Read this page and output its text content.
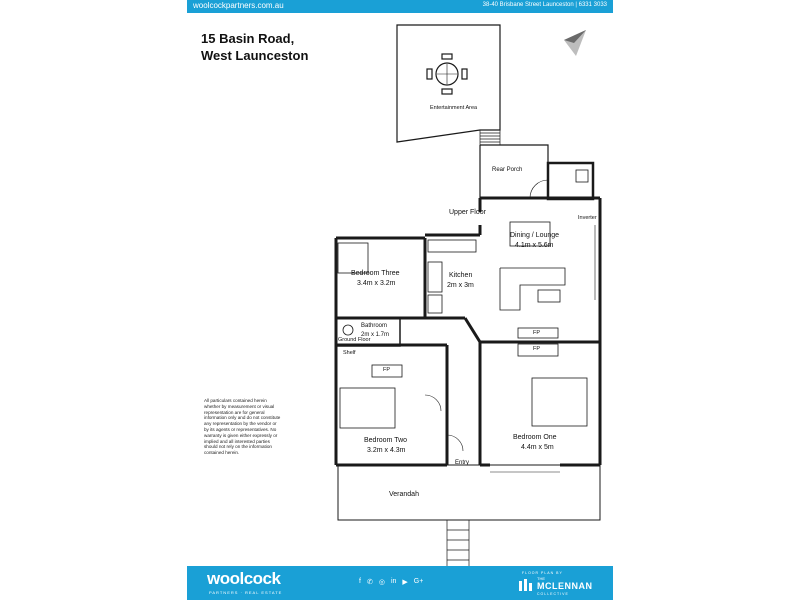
woolcockpartners.com.au	38-40 Brisbane Street Launceston | 6331 3033
15 Basin Road,
West Launceston
Entertainment Area
Rear Porch
Upper Floor
Inverter
Dining / Lounge
4.1m x 5.6m
Kitchen
2m x 3m
Bedroom Three
3.4m x 3.2m
Bathroom
2m x 1.7m
Ground Floor
Shelf
FP
FP
FP
Bedroom Two
3.2m x 4.3m
Bedroom One
4.4m x 5m
Entry
Verandah
All particulars contained herein whether by measurement or visual representation are for general information only and do not constitute any representation by the vendor or by its agents or representatives. No warranty is given either expressly or implied and all interested parties should not rely on the information contained herein.
woolcock
PARTNERS · REAL ESTATE
f ✆ ◎ in ▶ G+
FLOOR PLAN BY
THE
MCLENNAN
COLLECTIVE
